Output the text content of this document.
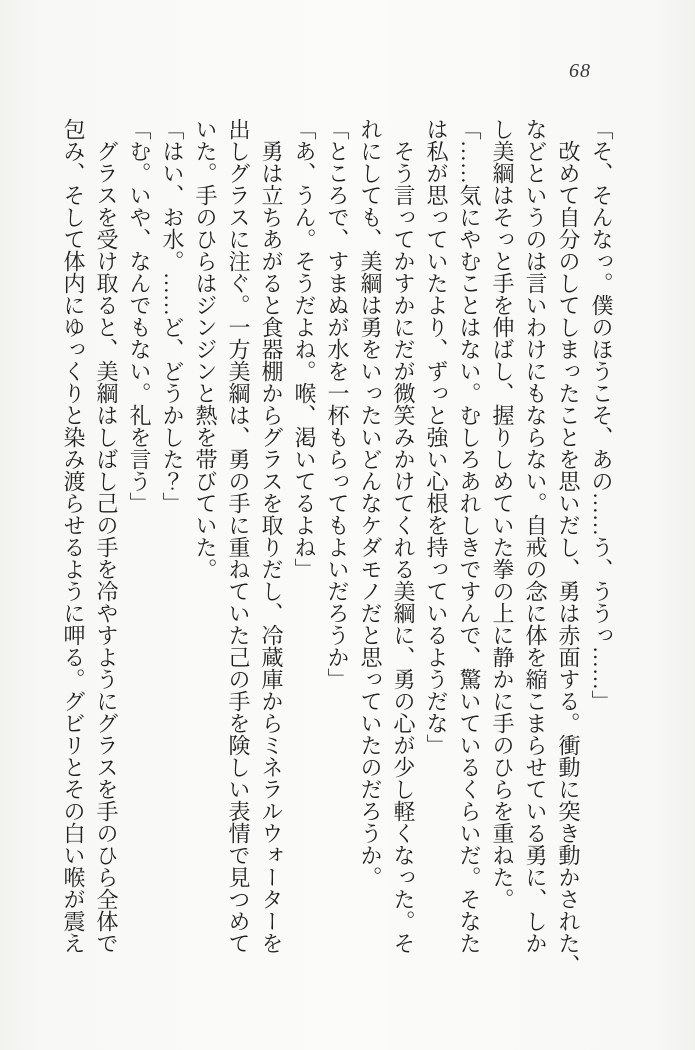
68

「そ、そんなっ。僕のほうこそ、あの……う、ううっ……」

改めて自分のしてしまったことを思いだし、勇は赤面する。衝動に突き動かされた、
などというのは言いわけにもならない。自戒の念に体を縮こまらせている勇に、しか
し美綱はそっと手を伸ばし、握りしめていた拳の上に静かに手のひらを重ねた。

「……気にやむことはない。むしろあれしきですんで、驚いているくらいだ。そなた
は私が思っていたより、ずっと強い心根を持っているようだな」

そう言ってかすかにだが微笑みかけてくれる美綱に、勇の心が少し軽くなった。そ
れにしても、美綱は勇をいったいどんなケダモノだと思っていたのだろうか。

「ところで、すまぬが水を一杯もらってもよいだろうか」

「あ、うん。そうだよね。喉、渇いてるよね」

勇は立ちあがると食器棚からグラスを取りだし、冷蔵庫からミネラルウォーターを
出しグラスに注ぐ。一方美綱は、勇の手に重ねていた己の手を険しい表情で見つめて
いた。手のひらはジンジンと熱を帯びていた。

「はい、お水。……ど、どうかした？」

「む。いや、なんでもない。礼を言う」

グラスを受け取ると、美綱はしばし己の手を冷やすようにグラスを手のひら全体で
包み、そして体内にゆっくりと染み渡らせるように呷る。グビリとその白い喉が震え
